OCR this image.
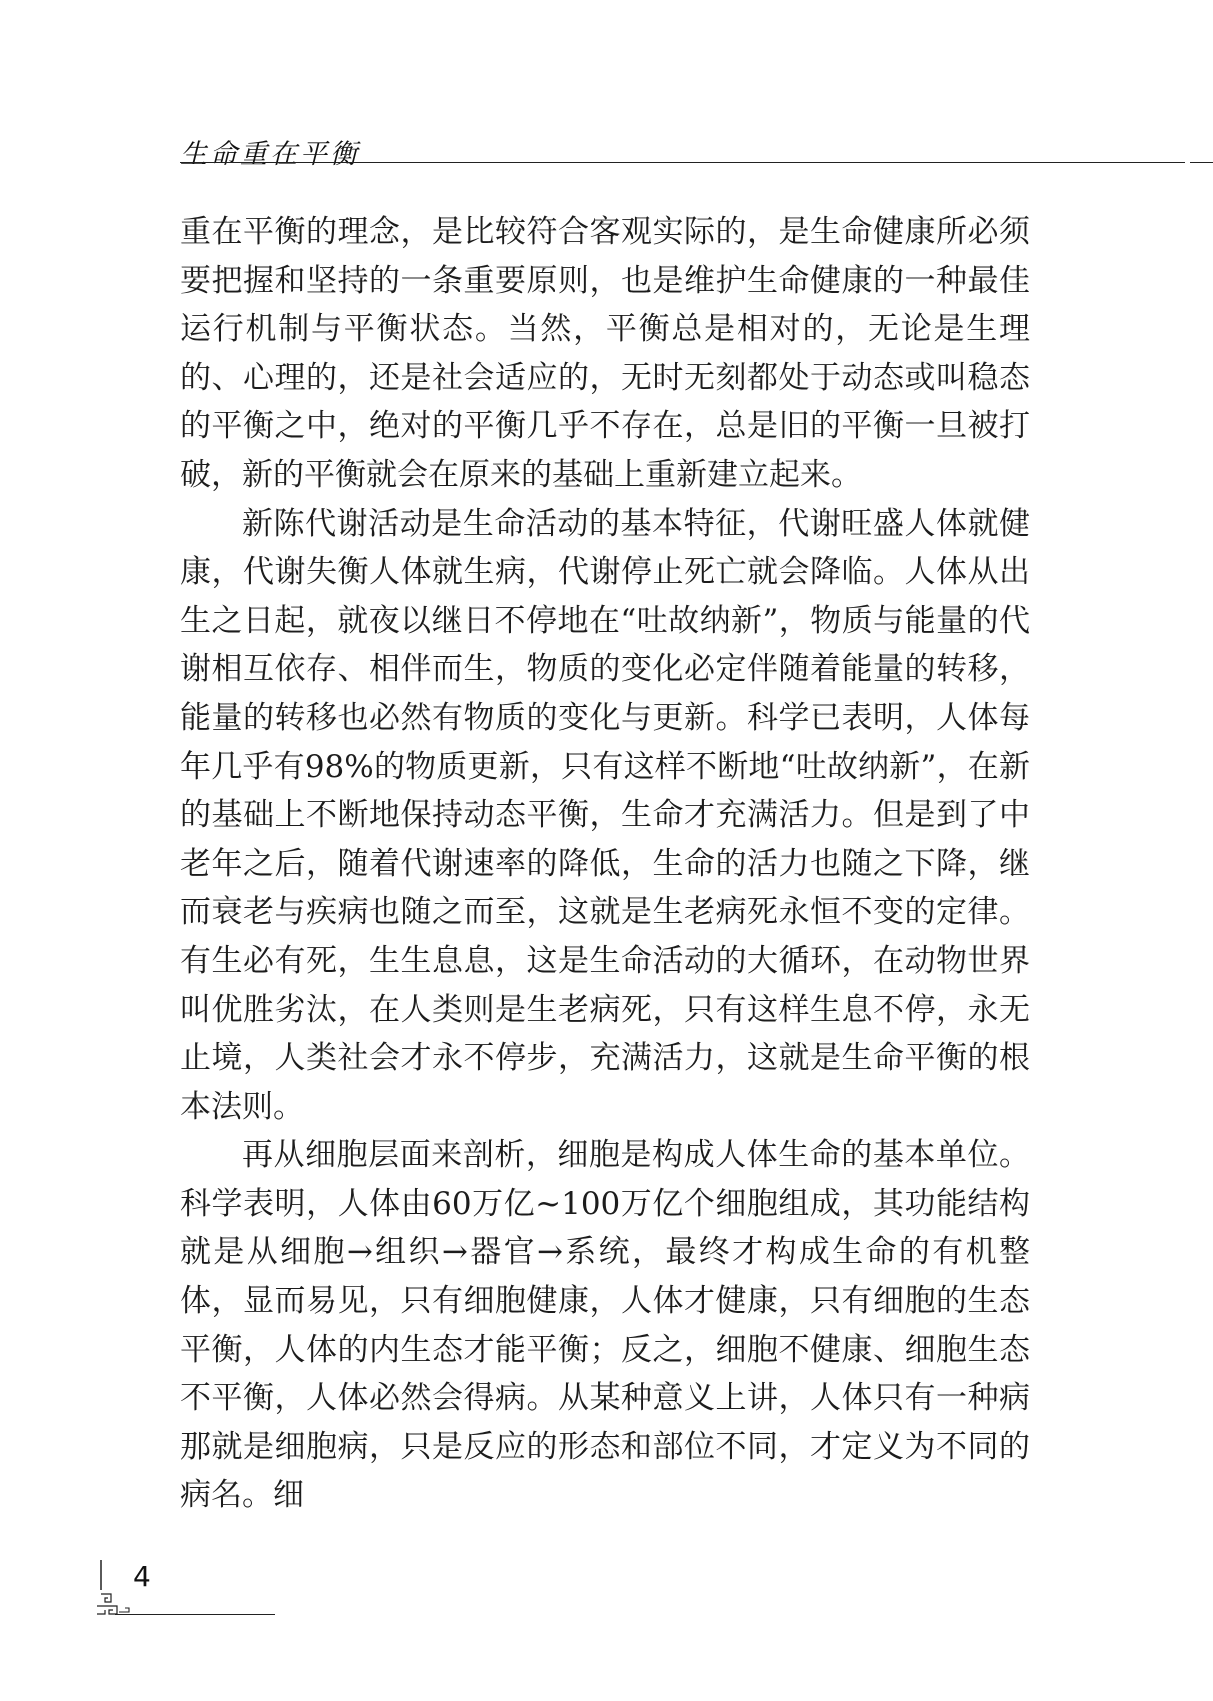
生命重在平衡

重在平衡的理念，是比较符合客观实际的，是生命健康所必须要把握和坚持的一条重要原则，也是维护生命健康的一种最佳运行机制与平衡状态。当然，平衡总是相对的，无论是生理的、心理的，还是社会适应的，无时无刻都处于动态或叫稳态的平衡之中，绝对的平衡几乎不存在，总是旧的平衡一旦被打破，新的平衡就会在原来的基础上重新建立起来。

新陈代谢活动是生命活动的基本特征，代谢旺盛人体就健康，代谢失衡人体就生病，代谢停止死亡就会降临。人体从出生之日起，就夜以继日不停地在“吐故纳新”，物质与能量的代谢相互依存、相伴而生，物质的变化必定伴随着能量的转移，能量的转移也必然有物质的变化与更新。科学已表明，人体每年几乎有98%的物质更新，只有这样不断地“吐故纳新”，在新的基础上不断地保持动态平衡，生命才充满活力。但是到了中老年之后，随着代谢速率的降低，生命的活力也随之下降，继而衰老与疾病也随之而至，这就是生老病死永恒不变的定律。有生必有死，生生息息，这是生命活动的大循环，在动物世界叫优胜劣汰，在人类则是生老病死，只有这样生息不停，永无止境，人类社会才永不停步，充满活力，这就是生命平衡的根本法则。

再从细胞层面来剖析，细胞是构成人体生命的基本单位。科学表明，人体由60万亿~100万亿个细胞组成，其功能结构就是从细胞→组织→器官→系统，最终才构成生命的有机整体，显而易见，只有细胞健康，人体才健康，只有细胞的生态平衡，人体的内生态才能平衡；反之，细胞不健康、细胞生态不平衡，人体必然会得病。从某种意义上讲，人体只有一种病那就是细胞病，只是反应的形态和部位不同，才定义为不同的病名。细

4
